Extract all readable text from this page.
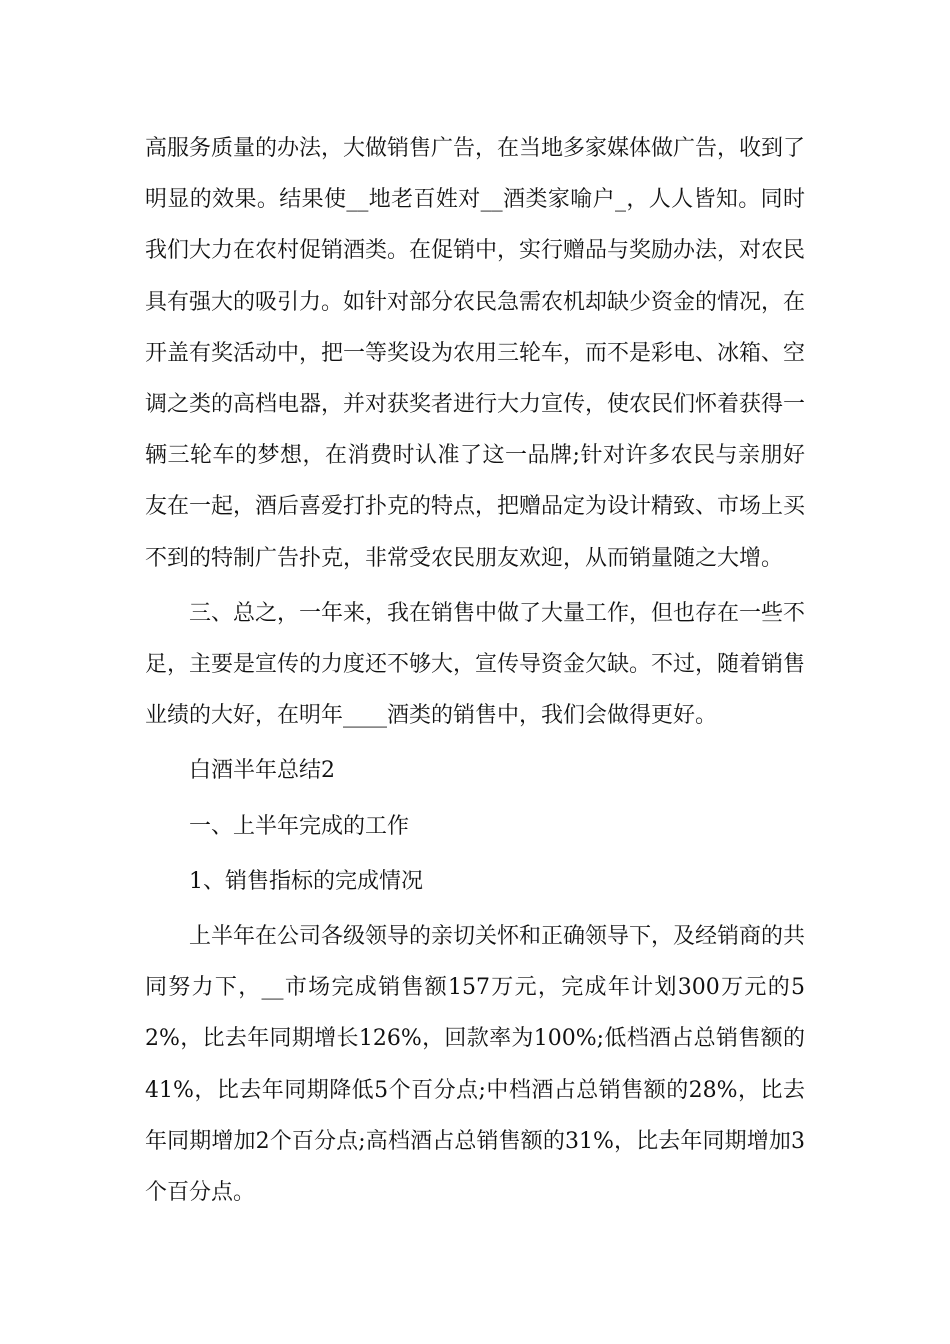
高服务质量的办法，大做销售广告，在当地多家媒体做广告，收到了明显的效果。结果使__地老百姓对__酒类家喻户_，人人皆知。同时我们大力在农村促销酒类。在促销中，实行赠品与奖励办法，对农民具有强大的吸引力。如针对部分农民急需农机却缺少资金的情况，在开盖有奖活动中，把一等奖设为农用三轮车，而不是彩电、冰箱、空调之类的高档电器，并对获奖者进行大力宣传，使农民们怀着获得一辆三轮车的梦想，在消费时认准了这一品牌;针对许多农民与亲朋好友在一起，酒后喜爱打扑克的特点，把赠品定为设计精致、市场上买不到的特制广告扑克，非常受农民朋友欢迎，从而销量随之大增。

三、总之，一年来，我在销售中做了大量工作，但也存在一些不足，主要是宣传的力度还不够大，宣传导资金欠缺。不过，随着销售业绩的大好，在明年____酒类的销售中，我们会做得更好。

白酒半年总结2

一、上半年完成的工作

1、销售指标的完成情况

上半年在公司各级领导的亲切关怀和正确领导下，及经销商的共同努力下，__市场完成销售额157万元，完成年计划300万元的52%，比去年同期增长126%，回款率为100%;低档酒占总销售额的41%，比去年同期降低5个百分点;中档酒占总销售额的28%，比去年同期增加2个百分点;高档酒占总销售额的31%，比去年同期增加3个百分点。
